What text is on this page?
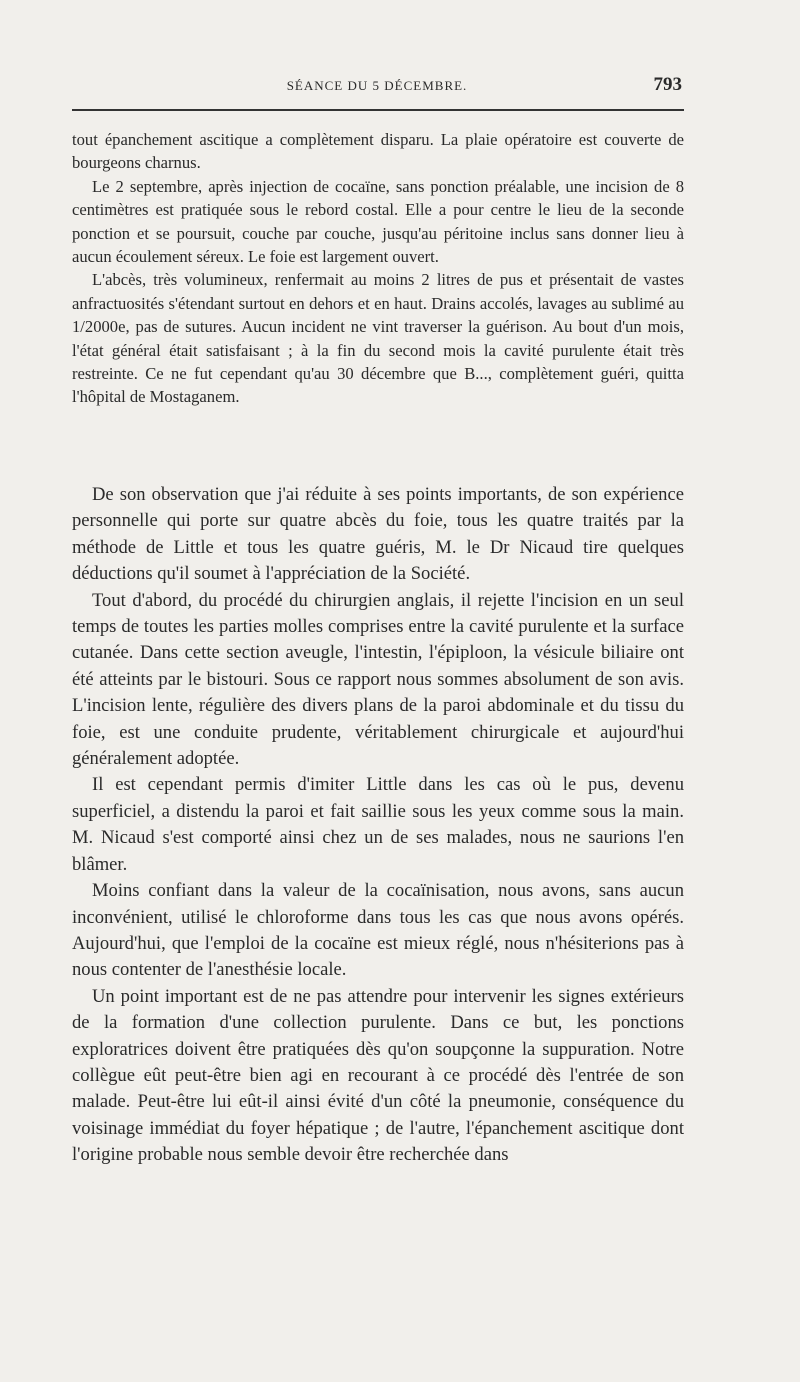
SÉANCE DU 5 DÉCEMBRE.	793

tout épanchement ascitique a complètement disparu. La plaie opératoire est couverte de bourgeons charnus.

Le 2 septembre, après injection de cocaïne, sans ponction préalable, une incision de 8 centimètres est pratiquée sous le rebord costal. Elle a pour centre le lieu de la seconde ponction et se poursuit, couche par couche, jusqu'au péritoine inclus sans donner lieu à aucun écoulement séreux. Le foie est largement ouvert.

L'abcès, très volumineux, renfermait au moins 2 litres de pus et présentait de vastes anfractuosités s'étendant surtout en dehors et en haut. Drains accolés, lavages au sublimé au 1/2000e, pas de sutures. Aucun incident ne vint traverser la guérison. Au bout d'un mois, l'état général était satisfaisant ; à la fin du second mois la cavité purulente était très restreinte. Ce ne fut cependant qu'au 30 décembre que B..., complètement guéri, quitta l'hôpital de Mostaganem.

De son observation que j'ai réduite à ses points importants, de son expérience personnelle qui porte sur quatre abcès du foie, tous les quatre traités par la méthode de Little et tous les quatre guéris, M. le Dr Nicaud tire quelques déductions qu'il soumet à l'appréciation de la Société.

Tout d'abord, du procédé du chirurgien anglais, il rejette l'incision en un seul temps de toutes les parties molles comprises entre la cavité purulente et la surface cutanée. Dans cette section aveugle, l'intestin, l'épiploon, la vésicule biliaire ont été atteints par le bistouri. Sous ce rapport nous sommes absolument de son avis. L'incision lente, régulière des divers plans de la paroi abdominale et du tissu du foie, est une conduite prudente, véritablement chirurgicale et aujourd'hui généralement adoptée.

Il est cependant permis d'imiter Little dans les cas où le pus, devenu superficiel, a distendu la paroi et fait saillie sous les yeux comme sous la main. M. Nicaud s'est comporté ainsi chez un de ses malades, nous ne saurions l'en blâmer.

Moins confiant dans la valeur de la cocaïnisation, nous avons, sans aucun inconvénient, utilisé le chloroforme dans tous les cas que nous avons opérés. Aujourd'hui, que l'emploi de la cocaïne est mieux réglé, nous n'hésiterions pas à nous contenter de l'anesthésie locale.

Un point important est de ne pas attendre pour intervenir les signes extérieurs de la formation d'une collection purulente. Dans ce but, les ponctions exploratrices doivent être pratiquées dès qu'on soupçonne la suppuration. Notre collègue eût peut-être bien agi en recourant à ce procédé dès l'entrée de son malade. Peut-être lui eût-il ainsi évité d'un côté la pneumonie, conséquence du voisinage immédiat du foyer hépatique ; de l'autre, l'épanchement ascitique dont l'origine probable nous semble devoir être recherchée dans
